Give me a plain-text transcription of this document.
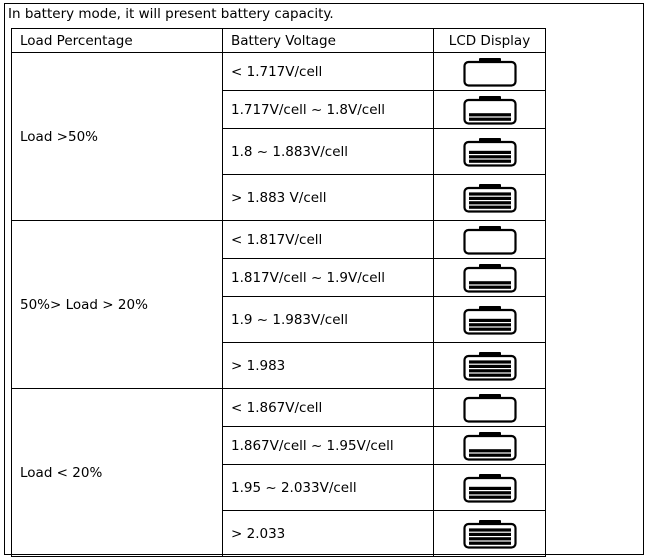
In battery mode, it will present battery capacity.
Load Percentage	Battery Voltage	LCD Display
Load >50%	< 1.717V/cell	
	1.717V/cell ~ 1.8V/cell	
	1.8 ~ 1.883V/cell	
	> 1.883 V/cell	
50%> Load > 20%	< 1.817V/cell	
	1.817V/cell ~ 1.9V/cell	
	1.9 ~ 1.983V/cell	
	> 1.983	
Load < 20%	< 1.867V/cell	
	1.867V/cell ~ 1.95V/cell	
	1.95 ~ 2.033V/cell	
	> 2.033	
